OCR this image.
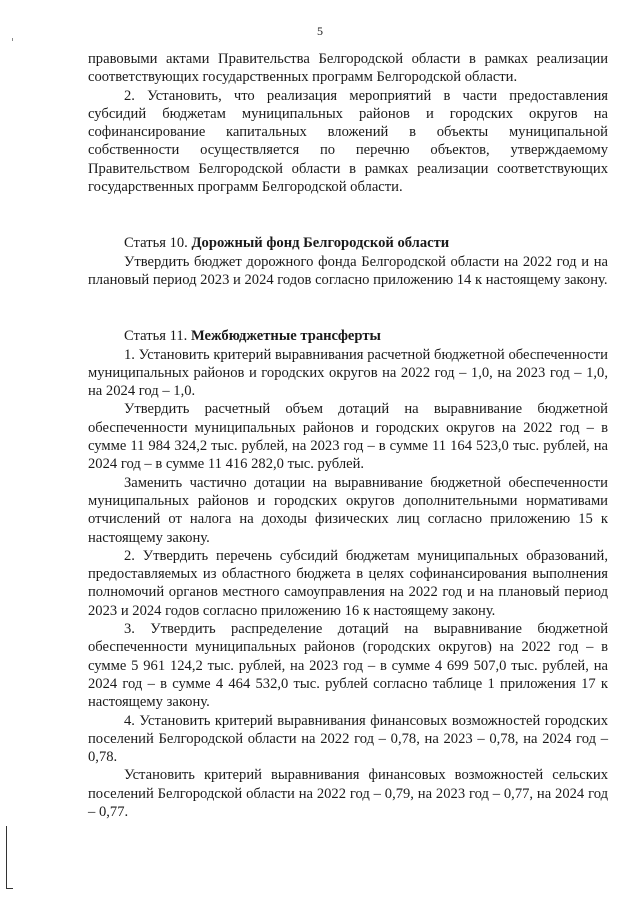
5

правовыми актами Правительства Белгородской области в рамках реализации соответствующих государственных программ Белгородской области.

2. Установить, что реализация мероприятий в части предоставления субсидий бюджетам муниципальных районов и городских округов на софинансирование капитальных вложений в объекты муниципальной собственности осуществляется по перечню объектов, утверждаемому Правительством Белгородской области в рамках реализации соответствующих государственных программ Белгородской области.

Статья 10. Дорожный фонд Белгородской области

Утвердить бюджет дорожного фонда Белгородской области на 2022 год и на плановый период 2023 и 2024 годов согласно приложению 14 к настоящему закону.

Статья 11. Межбюджетные трансферты

1. Установить критерий выравнивания расчетной бюджетной обеспеченности муниципальных районов и городских округов на 2022 год – 1,0, на 2023 год – 1,0, на 2024 год – 1,0.

Утвердить расчетный объем дотаций на выравнивание бюджетной обеспеченности муниципальных районов и городских округов на 2022 год – в сумме 11 984 324,2 тыс. рублей, на 2023 год – в сумме 11 164 523,0 тыс. рублей, на 2024 год – в сумме 11 416 282,0 тыс. рублей.

Заменить частично дотации на выравнивание бюджетной обеспеченности муниципальных районов и городских округов дополнительными нормативами отчислений от налога на доходы физических лиц согласно приложению 15 к настоящему закону.

2. Утвердить перечень субсидий бюджетам муниципальных образований, предоставляемых из областного бюджета в целях софинансирования выполнения полномочий органов местного самоуправления на 2022 год и на плановый период 2023 и 2024 годов согласно приложению 16 к настоящему закону.

3. Утвердить распределение дотаций на выравнивание бюджетной обеспеченности муниципальных районов (городских округов) на 2022 год – в сумме 5 961 124,2 тыс. рублей, на 2023 год – в сумме 4 699 507,0 тыс. рублей, на 2024 год – в сумме 4 464 532,0 тыс. рублей согласно таблице 1 приложения 17 к настоящему закону.

4. Установить критерий выравнивания финансовых возможностей городских поселений Белгородской области на 2022 год – 0,78, на 2023 – 0,78, на 2024 год – 0,78.

Установить критерий выравнивания финансовых возможностей сельских поселений Белгородской области на 2022 год – 0,79, на 2023 год – 0,77, на 2024 год – 0,77.
